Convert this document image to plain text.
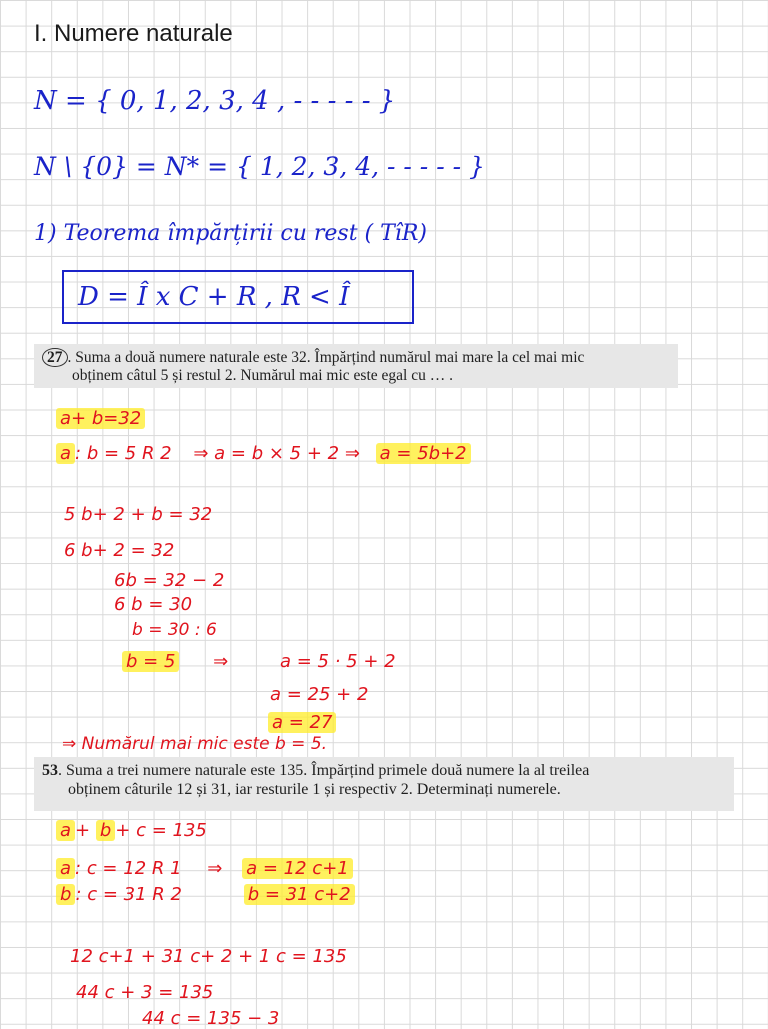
I. Numere naturale
N = { 0, 1, 2, 3, 4 , - - - - - }
N \ {0} = N* = { 1, 2, 3, 4, - - - - - }
1) Teorema împărțirii cu rest ( TîR)
D = Î x C + R , R < Î
27 . Suma a două numere naturale este 32. Împărțind numărul mai mare la cel mai mic
obținem câtul 5 și restul 2. Numărul mai mic este egal cu … .
a+ b=32
a : b = 5 R 2 ⇒ a = b × 5 + 2 ⇒ a = 5b+2
5 b+ 2 + b = 32
6 b+ 2 = 32
6b = 32 − 2
6 b = 30
b = 30 : 6
b = 5 ⇒	a = 5 · 5 + 2
a = 25 + 2
a = 27
⇒ Numărul mai mic este b = 5.
53. Suma a trei numere naturale este 135. Împărțind primele două numere la al treilea
obținem câturile 12 și 31, iar resturile 1 și respectiv 2. Determinați numerele.
a + b + c = 135
a : c = 12 R 1 ⇒ a = 12 c+1
b : c = 31 R 2	b = 31 c+2
12 c+1 + 31 c+ 2 + 1 c = 135
44 c + 3 = 135
44 c = 135 − 3
